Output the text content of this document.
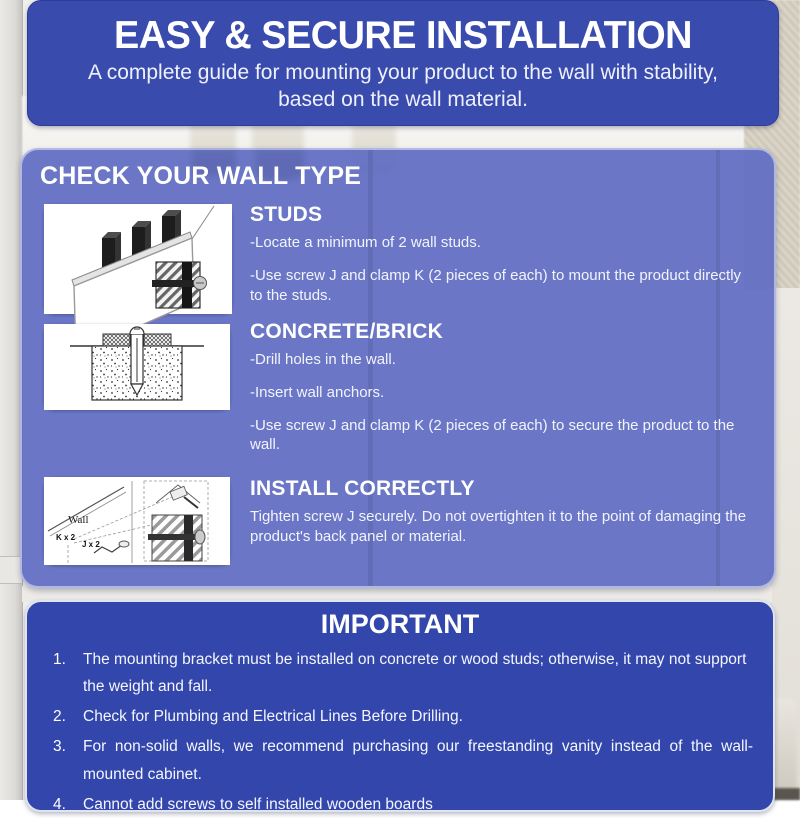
EASY & SECURE INSTALLATION

A complete guide for mounting your product to the wall with stability, based on the wall material.

CHECK YOUR WALL TYPE
STUDS

-Locate a minimum of 2 wall studs.

-Use screw J and clamp K (2 pieces of each) to mount the product directly to the studs.

CONCRETE/BRICK

-Drill holes in the wall.

-Insert wall anchors.

-Use screw J and clamp K (2 pieces of each) to secure the product to the wall.

Wall
K x 2
J x 2
INSTALL CORRECTLY

Tighten screw J securely. Do not overtighten it to the point of damaging the product's back panel or material.

IMPORTANT
1.	The mounting bracket must be installed on concrete or wood studs; otherwise, it may not support the weight and fall.

2.	Check for Plumbing and Electrical Lines Before Drilling.

3.	For non-solid walls, we recommend purchasing our freestanding vanity instead of the wall-mounted cabinet.

4.	Cannot add screws to self installed wooden boards
